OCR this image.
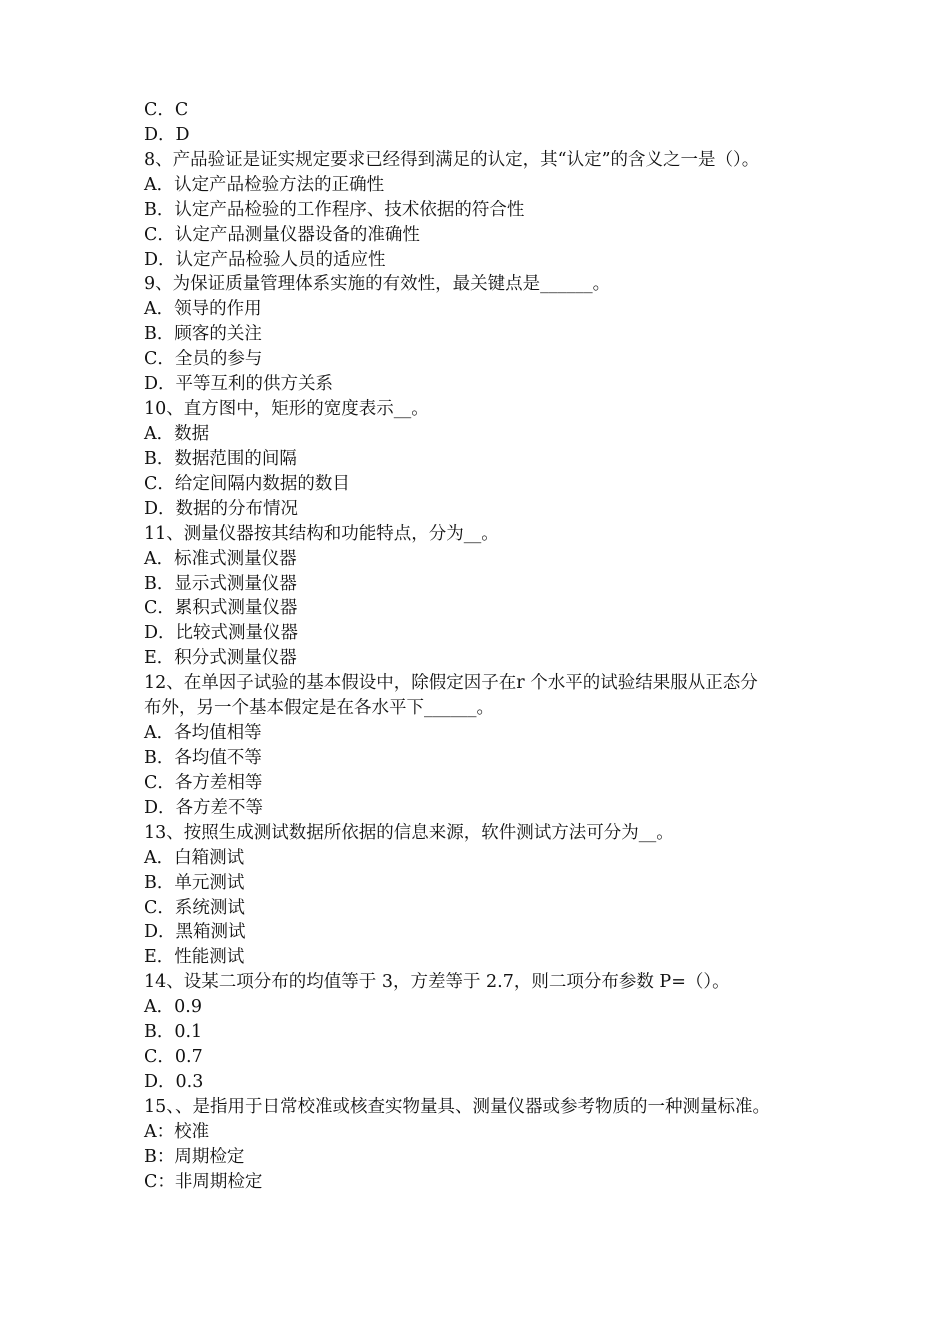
C．C
D．D
8、产品验证是证实规定要求已经得到满足的认定，其“认定”的含义之一是（）。
A．认定产品检验方法的正确性
B．认定产品检验的工作程序、技术依据的符合性
C．认定产品测量仪器设备的准确性
D．认定产品检验人员的适应性
9、为保证质量管理体系实施的有效性，最关键点是______。
A．领导的作用
B．顾客的关注
C．全员的参与
D．平等互利的供方关系
10、直方图中，矩形的宽度表示__。
A．数据
B．数据范围的间隔
C．给定间隔内数据的数目
D．数据的分布情况
11、测量仪器按其结构和功能特点，分为__。
A．标准式测量仪器
B．显示式测量仪器
C．累积式测量仪器
D．比较式测量仪器
E．积分式测量仪器
12、在单因子试验的基本假设中，除假定因子在r 个水平的试验结果服从正态分
布外，另一个基本假定是在各水平下______。
A．各均值相等
B．各均值不等
C．各方差相等
D．各方差不等
13、按照生成测试数据所依据的信息来源，软件测试方法可分为__。
A．白箱测试
B．单元测试
C．系统测试
D．黑箱测试
E．性能测试
14、设某二项分布的均值等于 3，方差等于 2.7，则二项分布参数 P=（）。
A．0.9
B．0.1
C．0.7
D．0.3
15、、是指用于日常校准或核查实物量具、测量仪器或参考物质的一种测量标准。
A：校准
B：周期检定
C：非周期检定
